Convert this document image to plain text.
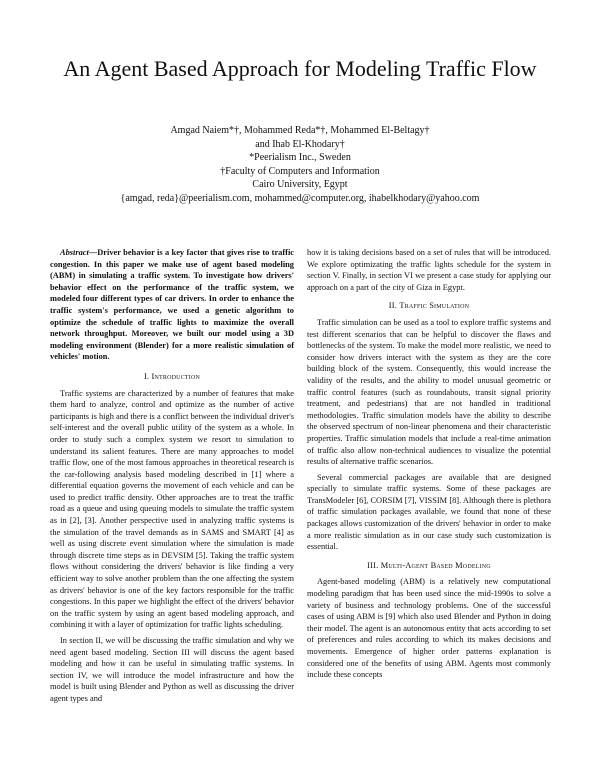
An Agent Based Approach for Modeling Traffic Flow
Amgad Naiem*†, Mohammed Reda*†, Mohammed El-Beltagy†
and Ihab El-Khodary†
*Peerialism Inc., Sweden
†Faculty of Computers and Information
Cairo University, Egypt
{amgad, reda}@peerialism.com, mohammed@computer.org, ihabelkhodary@yahoo.com
Abstract—Driver behavior is a key factor that gives rise to traffic congestion. In this paper we make use of agent based modeling (ABM) in simulating a traffic system. To investigate how drivers' behavior effect on the performance of the traffic system, we modeled four different types of car drivers. In order to enhance the traffic system's performance, we used a genetic algorithm to optimize the schedule of traffic lights to maximize the overall network throughput. Moreover, we built our model using a 3D modeling environment (Blender) for a more realistic simulation of vehicles' motion.
I. Introduction

Traffic systems are characterized by a number of features that make them hard to analyze, control and optimize as the number of active participants is high and there is a conflict between the individual driver's self-interest and the overall public utility of the system as a whole. In order to study such a complex system we resort to simulation to understand its salient features. There are many approaches to model traffic flow, one of the most famous approaches in theoretical research is the car-following analysis based modeling described in [1] where a differential equation governs the movement of each vehicle and can be used to predict traffic density. Other approaches are to treat the traffic road as a queue and using queuing models to simulate the traffic system as in [2], [3]. Another perspective used in analyzing traffic systems is the simulation of the travel demands as in SAMS and SMART [4] as well as using discrete event simulation where the simulation is made through discrete time steps as in DEVSIM [5]. Taking the traffic system flows without considering the drivers' behavior is like finding a very efficient way to solve another problem than the one affecting the system as drivers' behavior is one of the key factors responsible for the traffic congestions. In this paper we highlight the effect of the drivers' behavior on the traffic system by using an agent based modeling approach, and combining it with a layer of optimization for traffic lights scheduling.

In section II, we will be discussing the traffic simulation and why we need agent based modeling. Section III will discuss the agent based modeling and how it can be useful in simulating traffic systems. In section IV, we will introduce the model infrastructure and how the model is built using Blender and Python as well as discussing the driver agent types and

how it is taking decisions based on a set of rules that will be introduced. We explore optimizating the traffic lights schedule for the system in section V. Finally, in section VI we present a case study for applying our approach on a part of the city of Giza in Egypt.

II. Traffic Simulation

Traffic simulation can be used as a tool to explore traffic systems and test different scenarios that can be helpful to discover the flaws and bottlenecks of the system. To make the model more realistic, we need to consider how drivers interact with the system as they are the core building block of the system. Consequently, this would increase the validity of the results, and the ability to model unusual geometric or traffic control features (such as roundabouts, transit signal priority treatment, and pedestrians) that are not handled in traditional methodologies. Traffic simulation models have the ability to describe the observed spectrum of non-linear phenomena and their characteristic properties. Traffic simulation models that include a real-time animation of traffic also allow non-technical audiences to visualize the potential results of alternative traffic scenarios.

Several commercial packages are available that are designed specially to simulate traffic systems. Some of these packages are TransModeler [6], CORSIM [7], VISSIM [8]. Although there is plethora of traffic simulation packages available, we found that none of these packages allows customization of the drivers' behavior in order to make a more realistic simulation as in our case study such customization is essential.

III. Multi-Agent Based Modeling

Agent-based modeling (ABM) is a relatively new computational modeling paradigm that has been used since the mid-1990s to solve a variety of business and technology problems. One of the successful cases of using ABM is [9] which also used Blender and Python in doing their model. The agent is an autonomous entity that acts according to set of preferences and rules according to which its makes decisions and movements. Emergence of higher order patterns explanation is considered one of the benefits of using ABM. Agents most commonly include these concepts
